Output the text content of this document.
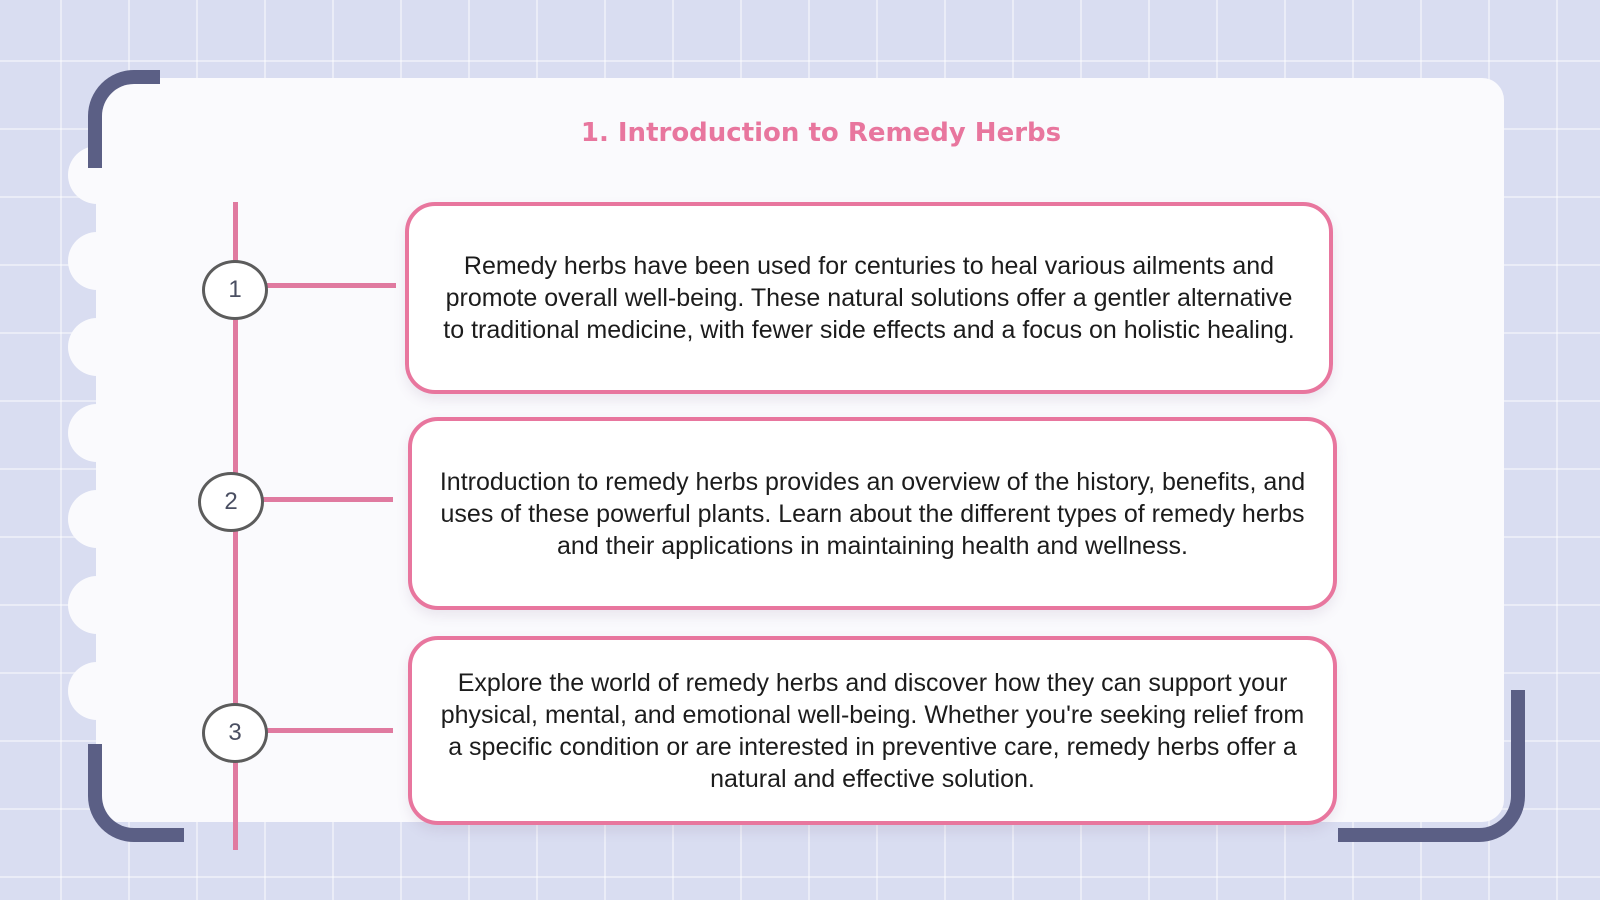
1. Introduction to Remedy Herbs
1
2
3
Remedy herbs have been used for centuries to heal various ailments and promote overall well-being. These natural solutions offer a gentler alternative to traditional medicine, with fewer side effects and a focus on holistic healing.
Introduction to remedy herbs provides an overview of the history, benefits, and uses of these powerful plants. Learn about the different types of remedy herbs and their applications in maintaining health and wellness.
Explore the world of remedy herbs and discover how they can support your physical, mental, and emotional well-being. Whether you're seeking relief from a specific condition or are interested in preventive care, remedy herbs offer a natural and effective solution.
